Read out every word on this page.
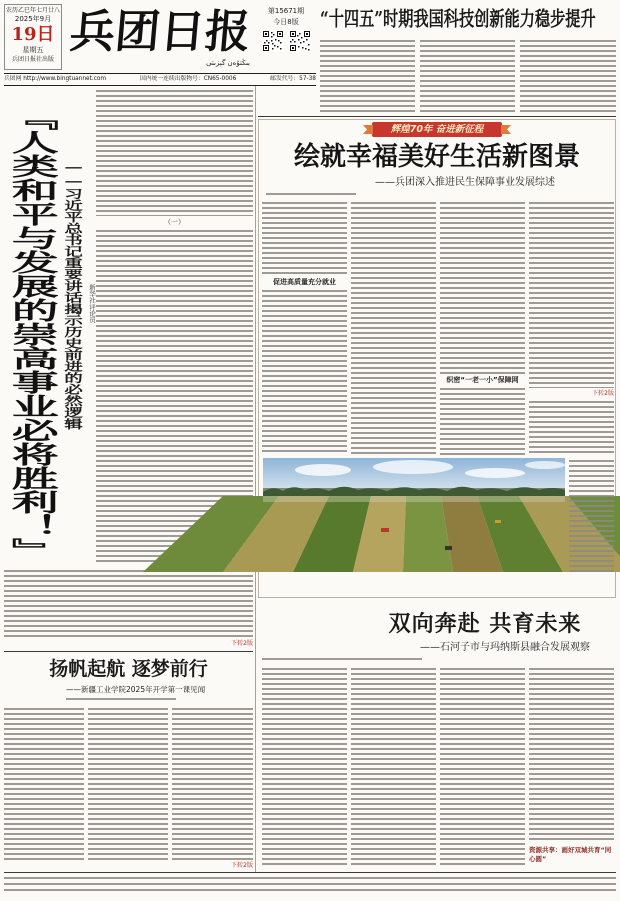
农历乙巳年七月廿八
2025年9月
19日
星期五
兵团日报社出版
兵团日报
بىڭتۇەن گېزىتى
第15671期
今日8版
兵团网 http://www.bingtuannet.com	国内统一连续出版物号：CN65-0006	邮发代号：57-38
“十四五”时期我国科技创新能力稳步提升
『人类和平与发展的崇高事业必将胜利！』 ——习近平总书记重要讲话揭示历史前进的必然逻辑 新华社评论员
（一）
下转2版
扬帆起航 逐梦前行
——新疆工业学院2025年开学第一课见闻
下转2版
辉煌70年 奋进新征程
绘就幸福美好生活新图景
——兵团深入推进民生保障事业发展综述
促进高质量充分就业
织密“一老一小”保障网
下转2版
双向奔赴 共育未来
——石河子市与玛纳斯县融合发展观察
资源共享：画好双城共育“同心圆”
